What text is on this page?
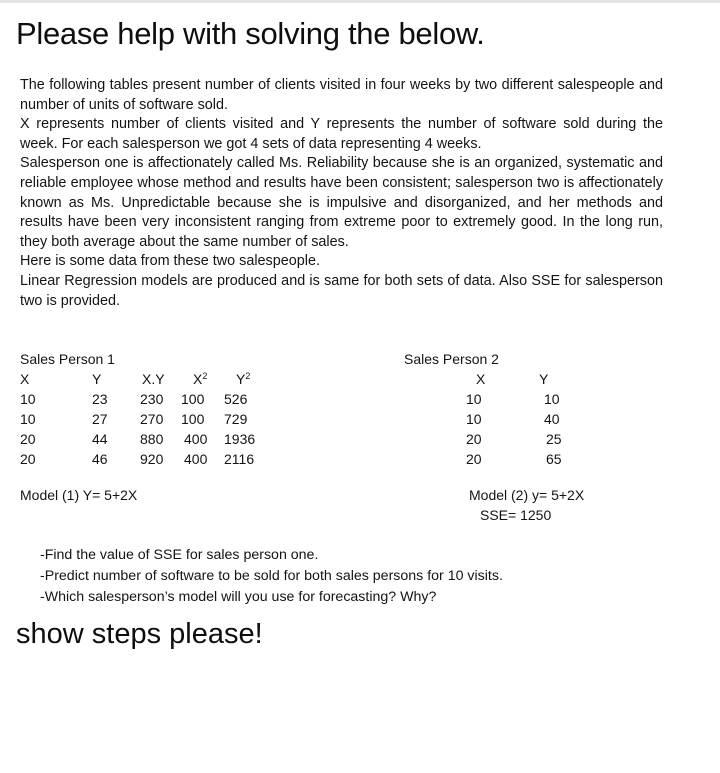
Please help with solving the below.

The following tables present number of clients visited in four weeks by two different salespeople and number of units of software sold.

X represents number of clients visited and Y represents the number of software sold during the week. For each salesperson we got 4 sets of data representing 4 weeks.

Salesperson one is affectionately called Ms. Reliability because she is an organized, systematic and reliable employee whose method and results have been consistent; salesperson two is affectionately known as Ms. Unpredictable because she is impulsive and disorganized, and her methods and results have been very inconsistent ranging from extreme poor to extremely good. In the long run, they both average about the same number of sales.

Here is some data from these two salespeople.

Linear Regression models are produced and is same for both sets of data. Also SSE for salesperson two is provided.

Sales Person 1
X	Y	X.Y $X^2$ $Y^2$
10	23 230 100 526
10	27 270 100 729
20	44 880 400 1936
20	46 920 400 2116
Model (1) Y= 5+2X
Sales Person 2
X	Y
10	10
10	40
20	25
20	65
Model (2) y= 5+2X
SSE= 1250
-Find the value of SSE for sales person one.
-Predict number of software to be sold for both sales persons for 10 visits.
-Which salesperson’s model will you use for forecasting? Why?
show steps please!
